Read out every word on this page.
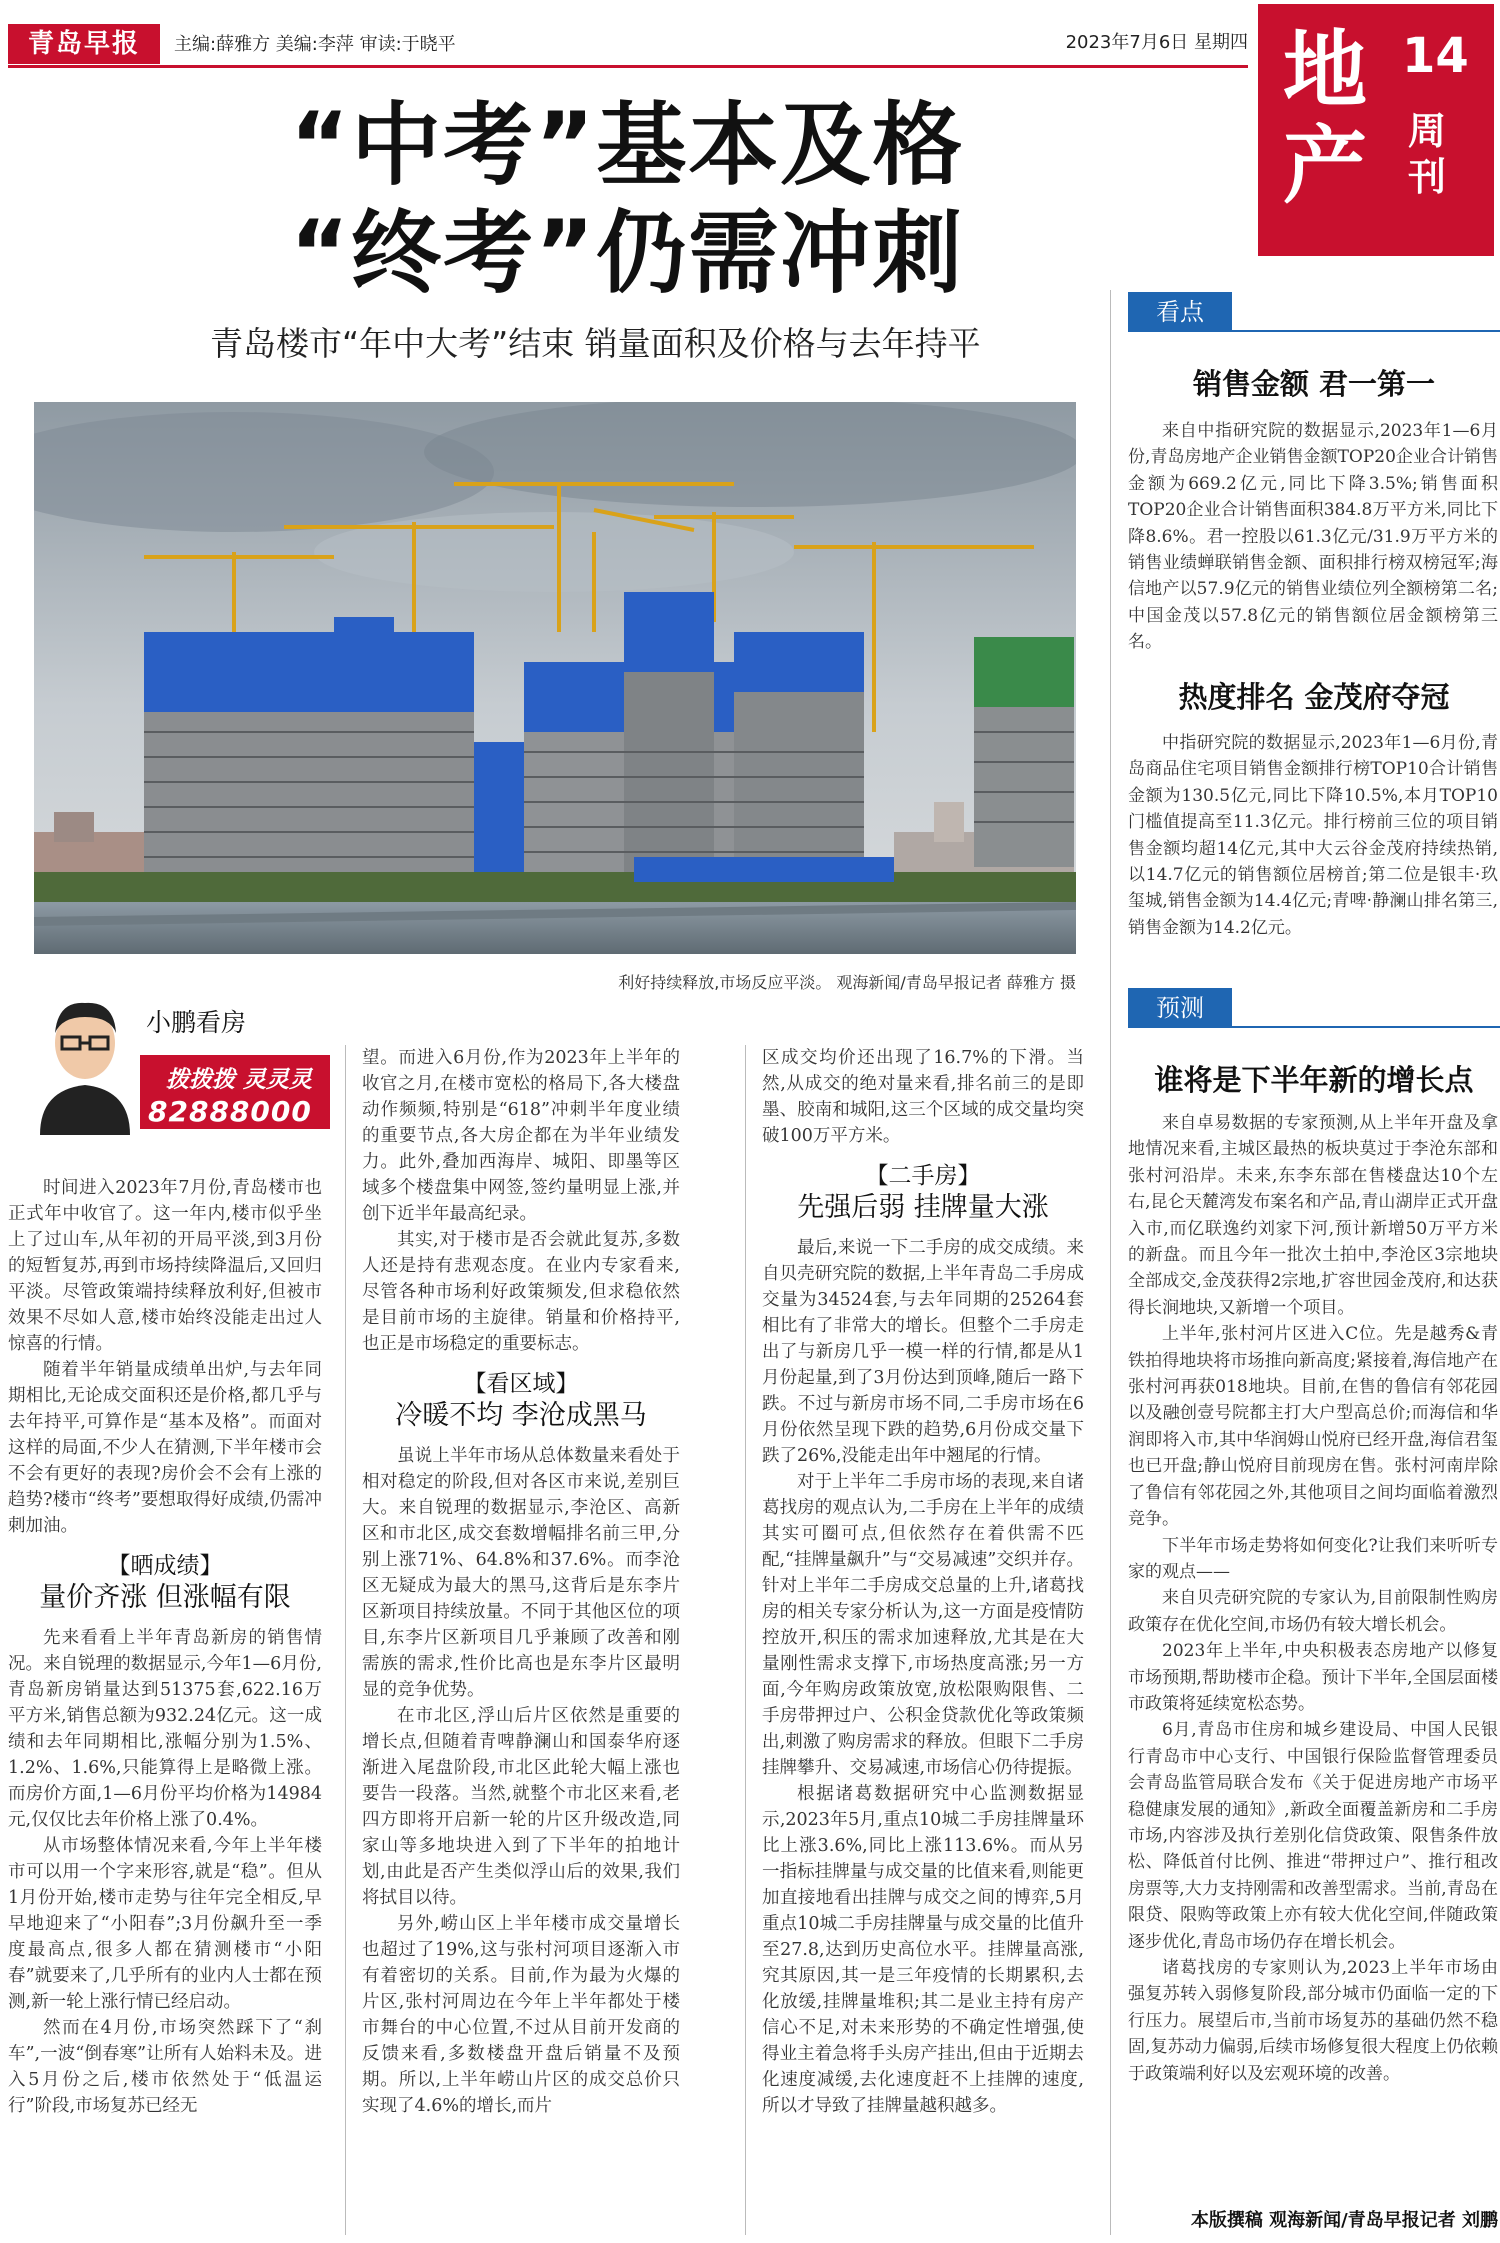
青岛早报	主编:薛雅方 美编:李萍 审读:于晓平	2023年7月6日 星期四 地产
14
周刊
“中考”基本及格
“终考”仍需冲刺
青岛楼市“年中大考”结束 销量面积及价格与去年持平
利好持续释放,市场反应平淡。 观海新闻/青岛早报记者 薛雅方 摄
小鹏看房
拨拨拨 灵灵灵
82888000

时间进入2023年7月份,青岛楼市也正式年中收官了。这一年内,楼市似乎坐上了过山车,从年初的开局平淡,到3月份的短暂复苏,再到市场持续降温后,又回归平淡。尽管政策端持续释放利好,但被市效果不尽如人意,楼市始终没能走出过人惊喜的行情。

随着半年销量成绩单出炉,与去年同期相比,无论成交面积还是价格,都几乎与去年持平,可算作是“基本及格”。而面对这样的局面,不少人在猜测,下半年楼市会不会有更好的表现?房价会不会有上涨的趋势?楼市“终考”要想取得好成绩,仍需冲刺加油。

【晒成绩】
量价齐涨 但涨幅有限

先来看看上半年青岛新房的销售情况。来自锐理的数据显示,今年1—6月份,青岛新房销量达到51375套,622.16万平方米,销售总额为932.24亿元。这一成绩和去年同期相比,涨幅分别为1.5%、1.2%、1.6%,只能算得上是略微上涨。而房价方面,1—6月份平均价格为14984元,仅仅比去年价格上涨了0.4%。

从市场整体情况来看,今年上半年楼市可以用一个字来形容,就是“稳”。但从1月份开始,楼市走势与往年完全相反,早早地迎来了“小阳春”;3月份飙升至一季度最高点,很多人都在猜测楼市“小阳春”就要来了,几乎所有的业内人士都在预测,新一轮上涨行情已经启动。

然而在4月份,市场突然踩下了“刹车”,一波“倒春寒”让所有人始料未及。进入5月份之后,楼市依然处于“低温运行”阶段,市场复苏已经无

望。而进入6月份,作为2023年上半年的收官之月,在楼市宽松的格局下,各大楼盘动作频频,特别是“618”冲刺半年度业绩的重要节点,各大房企都在为半年业绩发力。此外,叠加西海岸、城阳、即墨等区域多个楼盘集中网签,签约量明显上涨,并创下近半年最高纪录。

其实,对于楼市是否会就此复苏,多数人还是持有悲观态度。在业内专家看来,尽管各种市场利好政策频发,但求稳依然是目前市场的主旋律。销量和价格持平,也正是市场稳定的重要标志。

【看区域】
冷暖不均 李沧成黑马

虽说上半年市场从总体数量来看处于相对稳定的阶段,但对各区市来说,差别巨大。来自锐理的数据显示,李沧区、高新区和市北区,成交套数增幅排名前三甲,分别上涨71%、64.8%和37.6%。而李沧区无疑成为最大的黑马,这背后是东李片区新项目持续放量。不同于其他区位的项目,东李片区新项目几乎兼顾了改善和刚需族的需求,性价比高也是东李片区最明显的竞争优势。

在市北区,浮山后片区依然是重要的增长点,但随着青啤静澜山和国泰华府逐渐进入尾盘阶段,市北区此轮大幅上涨也要告一段落。当然,就整个市北区来看,老四方即将开启新一轮的片区升级改造,同家山等多地块进入到了下半年的拍地计划,由此是否产生类似浮山后的效果,我们将拭目以待。

另外,崂山区上半年楼市成交量增长也超过了19%,这与张村河项目逐渐入市有着密切的关系。目前,作为最为火爆的片区,张村河周边在今年上半年都处于楼市舞台的中心位置,不过从目前开发商的反馈来看,多数楼盘开盘后销量不及预期。所以,上半年崂山片区的成交总价只实现了4.6%的增长,而片

区成交均价还出现了16.7%的下滑。当然,从成交的绝对量来看,排名前三的是即墨、胶南和城阳,这三个区域的成交量均突破100万平方米。

【二手房】
先强后弱 挂牌量大涨

最后,来说一下二手房的成交成绩。来自贝壳研究院的数据,上半年青岛二手房成交量为34524套,与去年同期的25264套相比有了非常大的增长。但整个二手房走出了与新房几乎一模一样的行情,都是从1月份起量,到了3月份达到顶峰,随后一路下跌。不过与新房市场不同,二手房市场在6月份依然呈现下跌的趋势,6月份成交量下跌了26%,没能走出年中翘尾的行情。

对于上半年二手房市场的表现,来自诸葛找房的观点认为,二手房在上半年的成绩其实可圈可点,但依然存在着供需不匹配,“挂牌量飙升”与“交易减速”交织并存。针对上半年二手房成交总量的上升,诸葛找房的相关专家分析认为,这一方面是疫情防控放开,积压的需求加速释放,尤其是在大量刚性需求支撑下,市场热度高涨;另一方面,今年购房政策放宽,放松限购限售、二手房带押过户、公积金贷款优化等政策频出,刺激了购房需求的释放。但眼下二手房挂牌攀升、交易减速,市场信心仍待提振。

根据诸葛数据研究中心监测数据显示,2023年5月,重点10城二手房挂牌量环比上涨3.6%,同比上涨113.6%。而从另一指标挂牌量与成交量的比值来看,则能更加直接地看出挂牌与成交之间的博弈,5月重点10城二手房挂牌量与成交量的比值升至27.8,达到历史高位水平。挂牌量高涨,究其原因,其一是三年疫情的长期累积,去化放缓,挂牌量堆积;其二是业主持有房产信心不足,对未来形势的不确定性增强,使得业主着急将手头房产挂出,但由于近期去化速度减缓,去化速度赶不上挂牌的速度,所以才导致了挂牌量越积越多。

看点
销售金额 君一第一

来自中指研究院的数据显示,2023年1—6月份,青岛房地产企业销售金额TOP20企业合计销售金额为669.2亿元,同比下降3.5%;销售面积TOP20企业合计销售面积384.8万平方米,同比下降8.6%。君一控股以61.3亿元/31.9万平方米的销售业绩蝉联销售金额、面积排行榜双榜冠军;海信地产以57.9亿元的销售业绩位列全额榜第二名;中国金茂以57.8亿元的销售额位居金额榜第三名。

热度排名 金茂府夺冠

中指研究院的数据显示,2023年1—6月份,青岛商品住宅项目销售金额排行榜TOP10合计销售金额为130.5亿元,同比下降10.5%,本月TOP10门槛值提高至11.3亿元。排行榜前三位的项目销售金额均超14亿元,其中大云谷金茂府持续热销,以14.7亿元的销售额位居榜首;第二位是银丰·玖玺城,销售金额为14.4亿元;青啤·静澜山排名第三,销售金额为14.2亿元。

预测
谁将是下半年新的增长点

来自卓易数据的专家预测,从上半年开盘及拿地情况来看,主城区最热的板块莫过于李沧东部和张村河沿岸。未来,东李东部在售楼盘达10个左右,昆仑天麓湾发布案名和产品,青山湖岸正式开盘入市,而亿联逸约刘家下河,预计新增50万平方米的新盘。而且今年一批次土拍中,李沧区3宗地块全部成交,金茂获得2宗地,扩容世园金茂府,和达获得长涧地块,又新增一个项目。

上半年,张村河片区进入C位。先是越秀&青铁拍得地块将市场推向新高度;紧接着,海信地产在张村河再获018地块。目前,在售的鲁信有邻花园以及融创壹号院都主打大户型高总价;而海信和华润即将入市,其中华润姆山悦府已经开盘,海信君玺也已开盘;静山悦府目前现房在售。张村河南岸除了鲁信有邻花园之外,其他项目之间均面临着激烈竞争。

下半年市场走势将如何变化?让我们来听听专家的观点——

来自贝壳研究院的专家认为,目前限制性购房政策存在优化空间,市场仍有较大增长机会。

2023年上半年,中央积极表态房地产以修复市场预期,帮助楼市企稳。预计下半年,全国层面楼市政策将延续宽松态势。

6月,青岛市住房和城乡建设局、中国人民银行青岛市中心支行、中国银行保险监督管理委员会青岛监管局联合发布《关于促进房地产市场平稳健康发展的通知》,新政全面覆盖新房和二手房市场,内容涉及执行差别化信贷政策、限售条件放松、降低首付比例、推进“带押过户”、推行租改房票等,大力支持刚需和改善型需求。当前,青岛在限贷、限购等政策上亦有较大优化空间,伴随政策逐步优化,青岛市场仍存在增长机会。

诸葛找房的专家则认为,2023上半年市场由强复苏转入弱修复阶段,部分城市仍面临一定的下行压力。展望后市,当前市场复苏的基础仍然不稳固,复苏动力偏弱,后续市场修复很大程度上仍依赖于政策端利好以及宏观环境的改善。

本版撰稿 观海新闻/青岛早报记者 刘鹏
